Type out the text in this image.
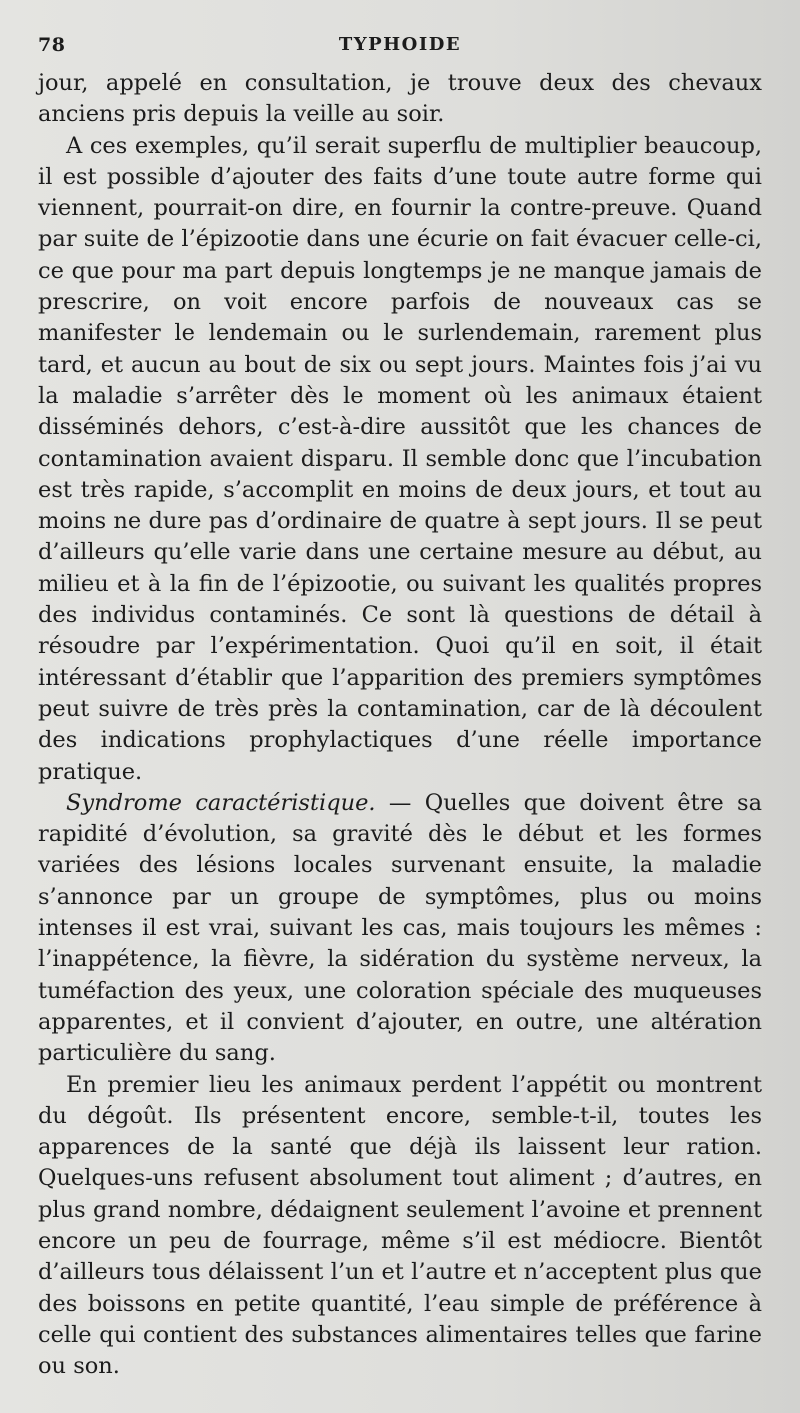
78	TYPHOIDE

jour, appelé en consultation, je trouve deux des chevaux anciens pris depuis la veille au soir.

A ces exemples, qu’il serait superflu de multiplier beaucoup, il est possible d’ajouter des faits d’une toute autre forme qui viennent, pourrait-on dire, en fournir la contre-preuve. Quand par suite de l’épizootie dans une écurie on fait évacuer celle-ci, ce que pour ma part depuis longtemps je ne manque jamais de prescrire, on voit encore parfois de nouveaux cas se manifester le lendemain ou le surlendemain, rarement plus tard, et aucun au bout de six ou sept jours. Maintes fois j’ai vu la maladie s’arrêter dès le moment où les animaux étaient disséminés dehors, c’est-à-dire aussitôt que les chances de contamination avaient disparu. Il semble donc que l’incubation est très rapide, s’accomplit en moins de deux jours, et tout au moins ne dure pas d’ordinaire de quatre à sept jours. Il se peut d’ailleurs qu’elle varie dans une certaine mesure au début, au milieu et à la fin de l’épizootie, ou suivant les qualités propres des individus contaminés. Ce sont là questions de détail à résoudre par l’expérimentation. Quoi qu’il en soit, il était intéressant d’établir que l’apparition des premiers symptômes peut suivre de très près la contamination, car de là découlent des indications prophylactiques d’une réelle importance pratique.

Syndrome caractéristique. — Quelles que doivent être sa rapidité d’évolution, sa gravité dès le début et les formes variées des lésions locales survenant ensuite, la maladie s’annonce par un groupe de symptômes, plus ou moins intenses il est vrai, suivant les cas, mais toujours les mêmes : l’inappétence, la fièvre, la sidération du système nerveux, la tuméfaction des yeux, une coloration spéciale des muqueuses apparentes, et il convient d’ajouter, en outre, une altération particulière du sang.

En premier lieu les animaux perdent l’appétit ou montrent du dégoût. Ils présentent encore, semble-t-il, toutes les apparences de la santé que déjà ils laissent leur ration. Quelques-uns refusent absolument tout aliment ; d’autres, en plus grand nombre, dédaignent seulement l’avoine et prennent encore un peu de fourrage, même s’il est médiocre. Bientôt d’ailleurs tous délaissent l’un et l’autre et n’acceptent plus que des boissons en petite quantité, l’eau simple de préférence à celle qui contient des substances alimentaires telles que farine ou son.
